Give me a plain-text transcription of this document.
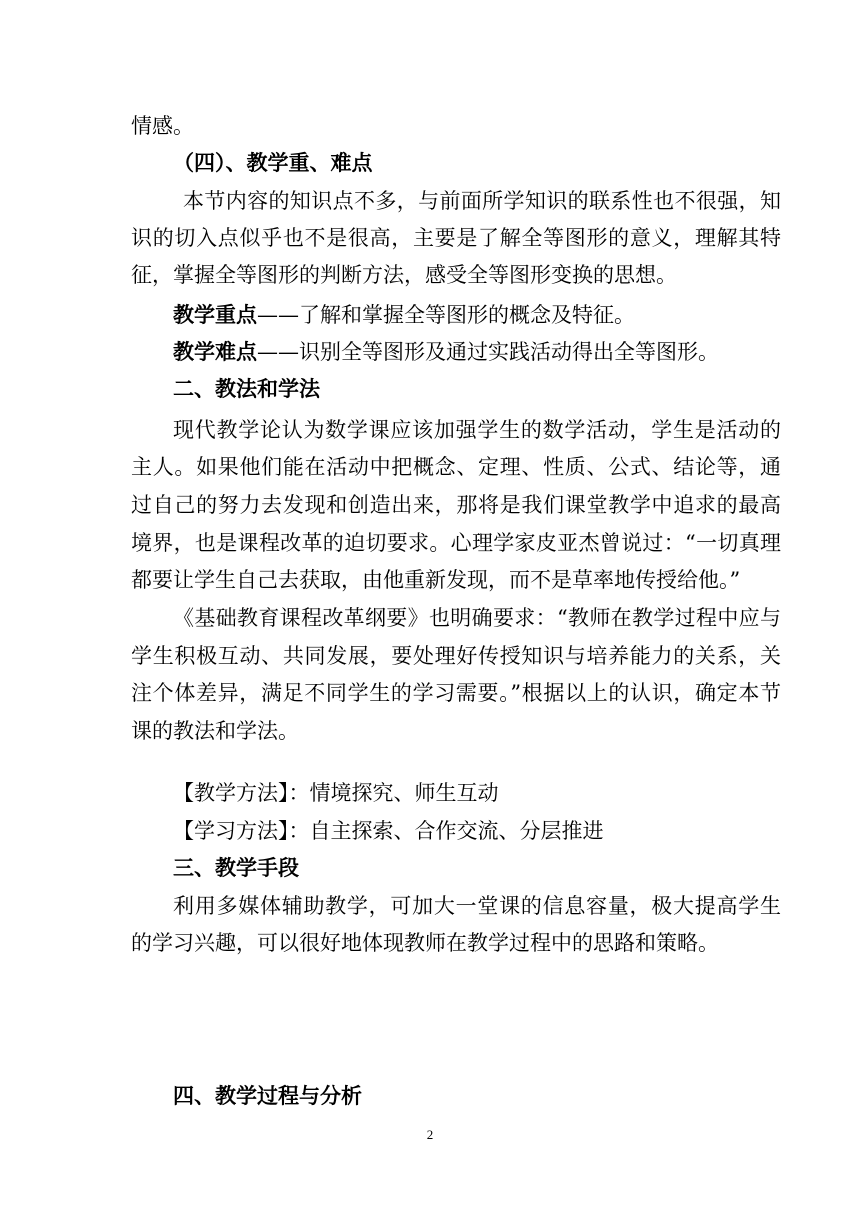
情感。
（四）、教学重、难点
本节内容的知识点不多，与前面所学知识的联系性也不很强，知
识的切入点似乎也不是很高，主要是了解全等图形的意义，理解其特
征，掌握全等图形的判断方法，感受全等图形变换的思想。
教学重点——了解和掌握全等图形的概念及特征。
教学难点——识别全等图形及通过实践活动得出全等图形。
二、教法和学法
现代教学论认为数学课应该加强学生的数学活动，学生是活动的
主人。如果他们能在活动中把概念、定理、性质、公式、结论等，通
过自己的努力去发现和创造出来，那将是我们课堂教学中追求的最高
境界，也是课程改革的迫切要求。心理学家皮亚杰曾说过：“一切真理
都要让学生自己去获取，由他重新发现，而不是草率地传授给他。”
《基础教育课程改革纲要》也明确要求：“教师在教学过程中应与
学生积极互动、共同发展，要处理好传授知识与培养能力的关系，关
注个体差异，满足不同学生的学习需要。”根据以上的认识，确定本节
课的教法和学法。
【教学方法】：情境探究、师生互动
【学习方法】：自主探索、合作交流、分层推进
三、教学手段
利用多媒体辅助教学，可加大一堂课的信息容量，极大提高学生
的学习兴趣，可以很好地体现教师在教学过程中的思路和策略。
四、教学过程与分析
2
